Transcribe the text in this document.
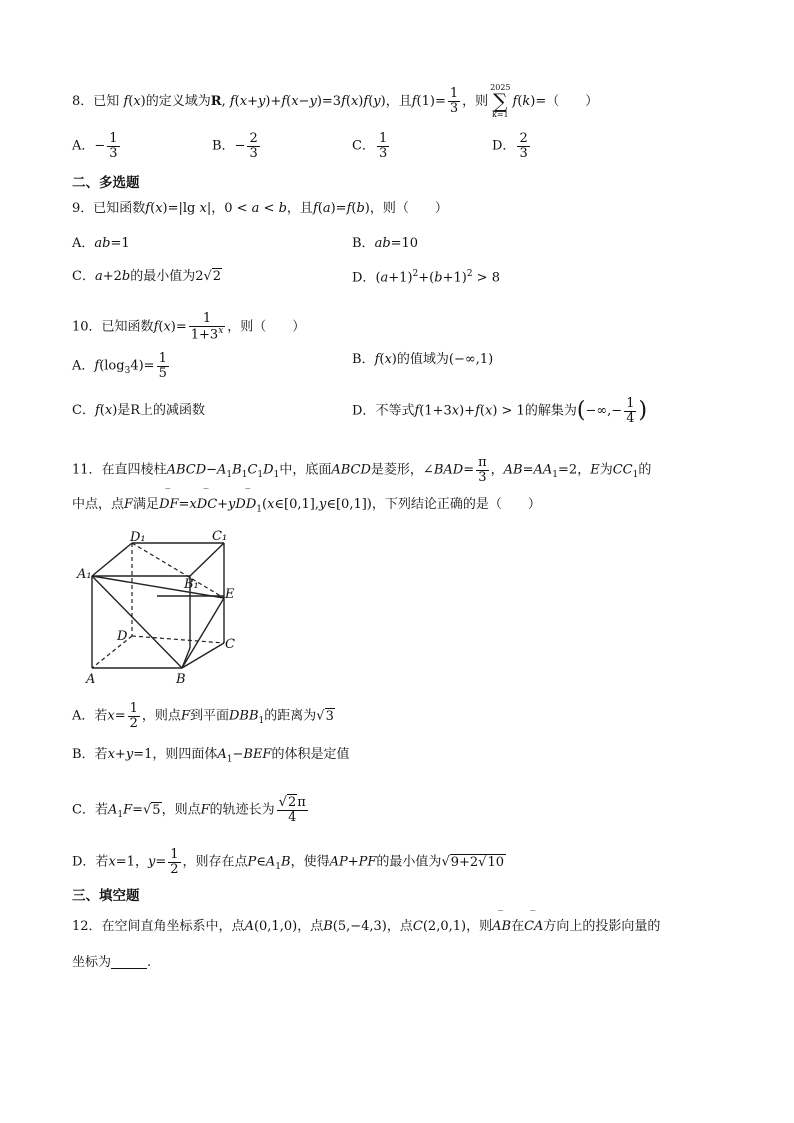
8．已知 f(x)的定义域为R, f(x+y)+f(x−y)=3f(x)f(y)，且$f(1)= \frac{1}{3}$ ，则
2025
∑
k=1
f(k)=（　　）
A．− $\frac{1}{3}$	B．− $\frac{2}{3}$	C． $\frac{1}{3}$	D． $\frac{2}{3}$
二、多选题
9．已知函数f(x)=|lg x|，0 < a < b，且f(a)=f(b)，则（　　）
A．ab=1	B．ab=10
C．a+2b的最小值为2√2	D．$(a+1)^2+(b+1)^2 > 8$
10．已知函数$f(x)= \frac{1}{1+3^x}$ ，则（　　）
A．$f(\log_34)= \frac{1}{5}$	B．f(x)的值域为(−∞,1)
C．f(x)是R上的减函数	D．不等式f(1+3x)+f(x) > 1的解集为(−∞,− $\frac{1}{4}$ )
11．在直四棱柱$ABCD-A_1B_1C_1D_1$中，底面ABCD是菱形，∠BAD= $\frac{\pi}{3}$ ，$AB=AA_1=2$，E为$CC_1$的
中点，点F满足‾ DF=x‾ DC+y‾ $DD_1(x\in[0,1],y\in[0,1])$，下列结论正确的是（　　）
D₁	C₁
A₁
B₁
E
D
C
A	B
A．若$x= \frac{1}{2}$ ，则点F到平面$DBB_1$的距离为√3
B．若x+y=1，则四面体$A_1-BEF$的体积是定值
C．若$A_1F=√5$，则点F的轨迹长为 $\frac{√2\pi}{4}$
D．若x=1，$y= \frac{1}{2}$ ，则存在点$P\in A_1B$，使得AP+PF的最小值为√9+2√10
三、填空题
12．在空间直角坐标系中，点A(0,1,0)，点B(5,−4,3)，点C(2,0,1)，则‾ AB在‾ CA方向上的投影向量的
坐标为	.
